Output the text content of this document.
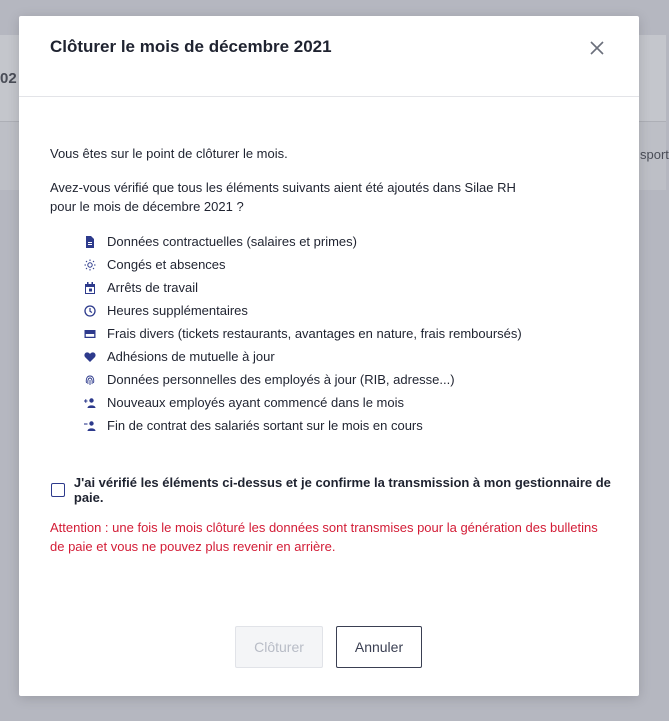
02
sport
Clôturer le mois de décembre 2021
Vous êtes sur le point de clôturer le mois.
Avez-vous vérifié que tous les éléments suivants aient été ajoutés dans Silae RH pour le mois de décembre 2021 ?
Données contractuelles (salaires et primes)
Congés et absences
Arrêts de travail
Heures supplémentaires
Frais divers (tickets restaurants, avantages en nature, frais remboursés)
Adhésions de mutuelle à jour
Données personnelles des employés à jour (RIB, adresse...)
Nouveaux employés ayant commencé dans le mois
Fin de contrat des salariés sortant sur le mois en cours
J'ai vérifié les éléments ci-dessus et je confirme la transmission à mon gestionnaire de paie.
Attention : une fois le mois clôturé les données sont transmises pour la génération des bulletins de paie et vous ne pouvez plus revenir en arrière.
Clôturer	Annuler
